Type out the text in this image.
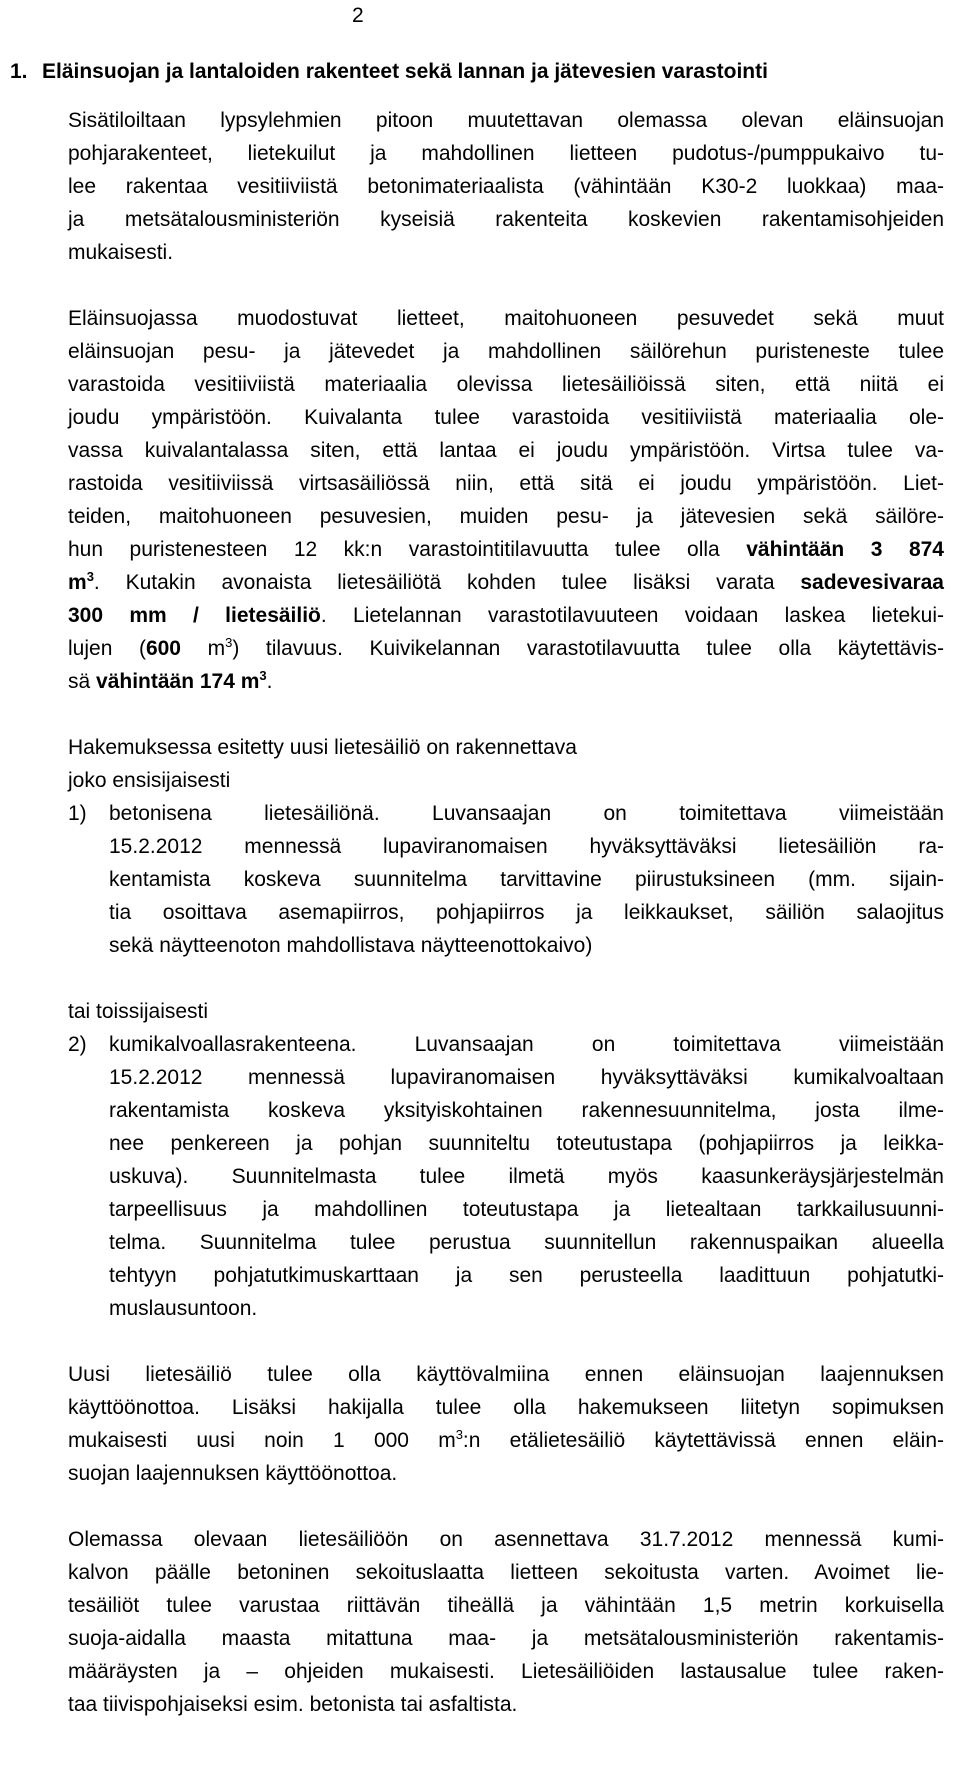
2
1. Eläinsuojan ja lantaloiden rakenteet sekä lannan ja jätevesien varastointi
Sisätiloiltaan lypsylehmien pitoon muutettavan olemassa olevan eläinsuojan
pohjarakenteet, lietekuilut ja mahdollinen lietteen pudotus-/pumppukaivo tu-
lee rakentaa vesitiiviistä betonimateriaalista (vähintään K30-2 luokkaa) maa-
ja metsätalousministeriön kyseisiä rakenteita koskevien rakentamisohjeiden
mukaisesti.
Eläinsuojassa muodostuvat lietteet, maitohuoneen pesuvedet sekä muut
eläinsuojan pesu- ja jätevedet ja mahdollinen säilörehun puristeneste tulee
varastoida vesitiiviistä materiaalia olevissa lietesäiliöissä siten, että niitä ei
joudu ympäristöön. Kuivalanta tulee varastoida vesitiiviistä materiaalia ole-
vassa kuivalantalassa siten, että lantaa ei joudu ympäristöön. Virtsa tulee va-
rastoida vesitiiviissä virtsasäiliössä niin, että sitä ei joudu ympäristöön. Liet-
teiden, maitohuoneen pesuvesien, muiden pesu- ja jätevesien sekä säilöre-
hun puristenesteen 12 kk:n varastointitilavuutta tulee olla vähintään 3 874
$m^3$. Kutakin avonaista lietesäiliötä kohden tulee lisäksi varata sadevesivaraa
300 mm / lietesäiliö. Lietelannan varastotilavuuteen voidaan laskea lietekui-
lujen (600 $m^3$) tilavuus. Kuivikelannan varastotilavuutta tulee olla käytettävis-
sä vähintään 174 $m^3$.
Hakemuksessa esitetty uusi lietesäiliö on rakennettava
joko ensisijaisesti
1) betonisena lietesäiliönä. Luvansaajan on toimitettava viimeistään
15.2.2012 mennessä lupaviranomaisen hyväksyttäväksi lietesäiliön ra-
kentamista koskeva suunnitelma tarvittavine piirustuksineen (mm. sijain-
tia osoittava asemapiirros, pohjapiirros ja leikkaukset, säiliön salaojitus
sekä näytteenoton mahdollistava näytteenottokaivo)
tai toissijaisesti
2) kumikalvoallasrakenteena. Luvansaajan on toimitettava viimeistään
15.2.2012 mennessä lupaviranomaisen hyväksyttäväksi kumikalvoaltaan
rakentamista koskeva yksityiskohtainen rakennesuunnitelma, josta ilme-
nee penkereen ja pohjan suunniteltu toteutustapa (pohjapiirros ja leikka-
uskuva). Suunnitelmasta tulee ilmetä myös kaasunkeräysjärjestelmän
tarpeellisuus ja mahdollinen toteutustapa ja lietealtaan tarkkailusuunni-
telma. Suunnitelma tulee perustua suunnitellun rakennuspaikan alueella
tehtyyn pohjatutkimuskarttaan ja sen perusteella laadittuun pohjatutki-
muslausuntoon.
Uusi lietesäiliö tulee olla käyttövalmiina ennen eläinsuojan laajennuksen
käyttöönottoa. Lisäksi hakijalla tulee olla hakemukseen liitetyn sopimuksen
mukaisesti uusi noin 1 000 $m^3:n$ etälietesäiliö käytettävissä ennen eläin-
suojan laajennuksen käyttöönottoa.
Olemassa olevaan lietesäiliöön on asennettava 31.7.2012 mennessä kumi-
kalvon päälle betoninen sekoituslaatta lietteen sekoitusta varten. Avoimet lie-
tesäiliöt tulee varustaa riittävän tiheällä ja vähintään 1,5 metrin korkuisella
suoja-aidalla maasta mitattuna maa- ja metsätalousministeriön rakentamis-
määräysten ja – ohjeiden mukaisesti. Lietesäiliöiden lastausalue tulee raken-
taa tiivispohjaiseksi esim. betonista tai asfaltista.
